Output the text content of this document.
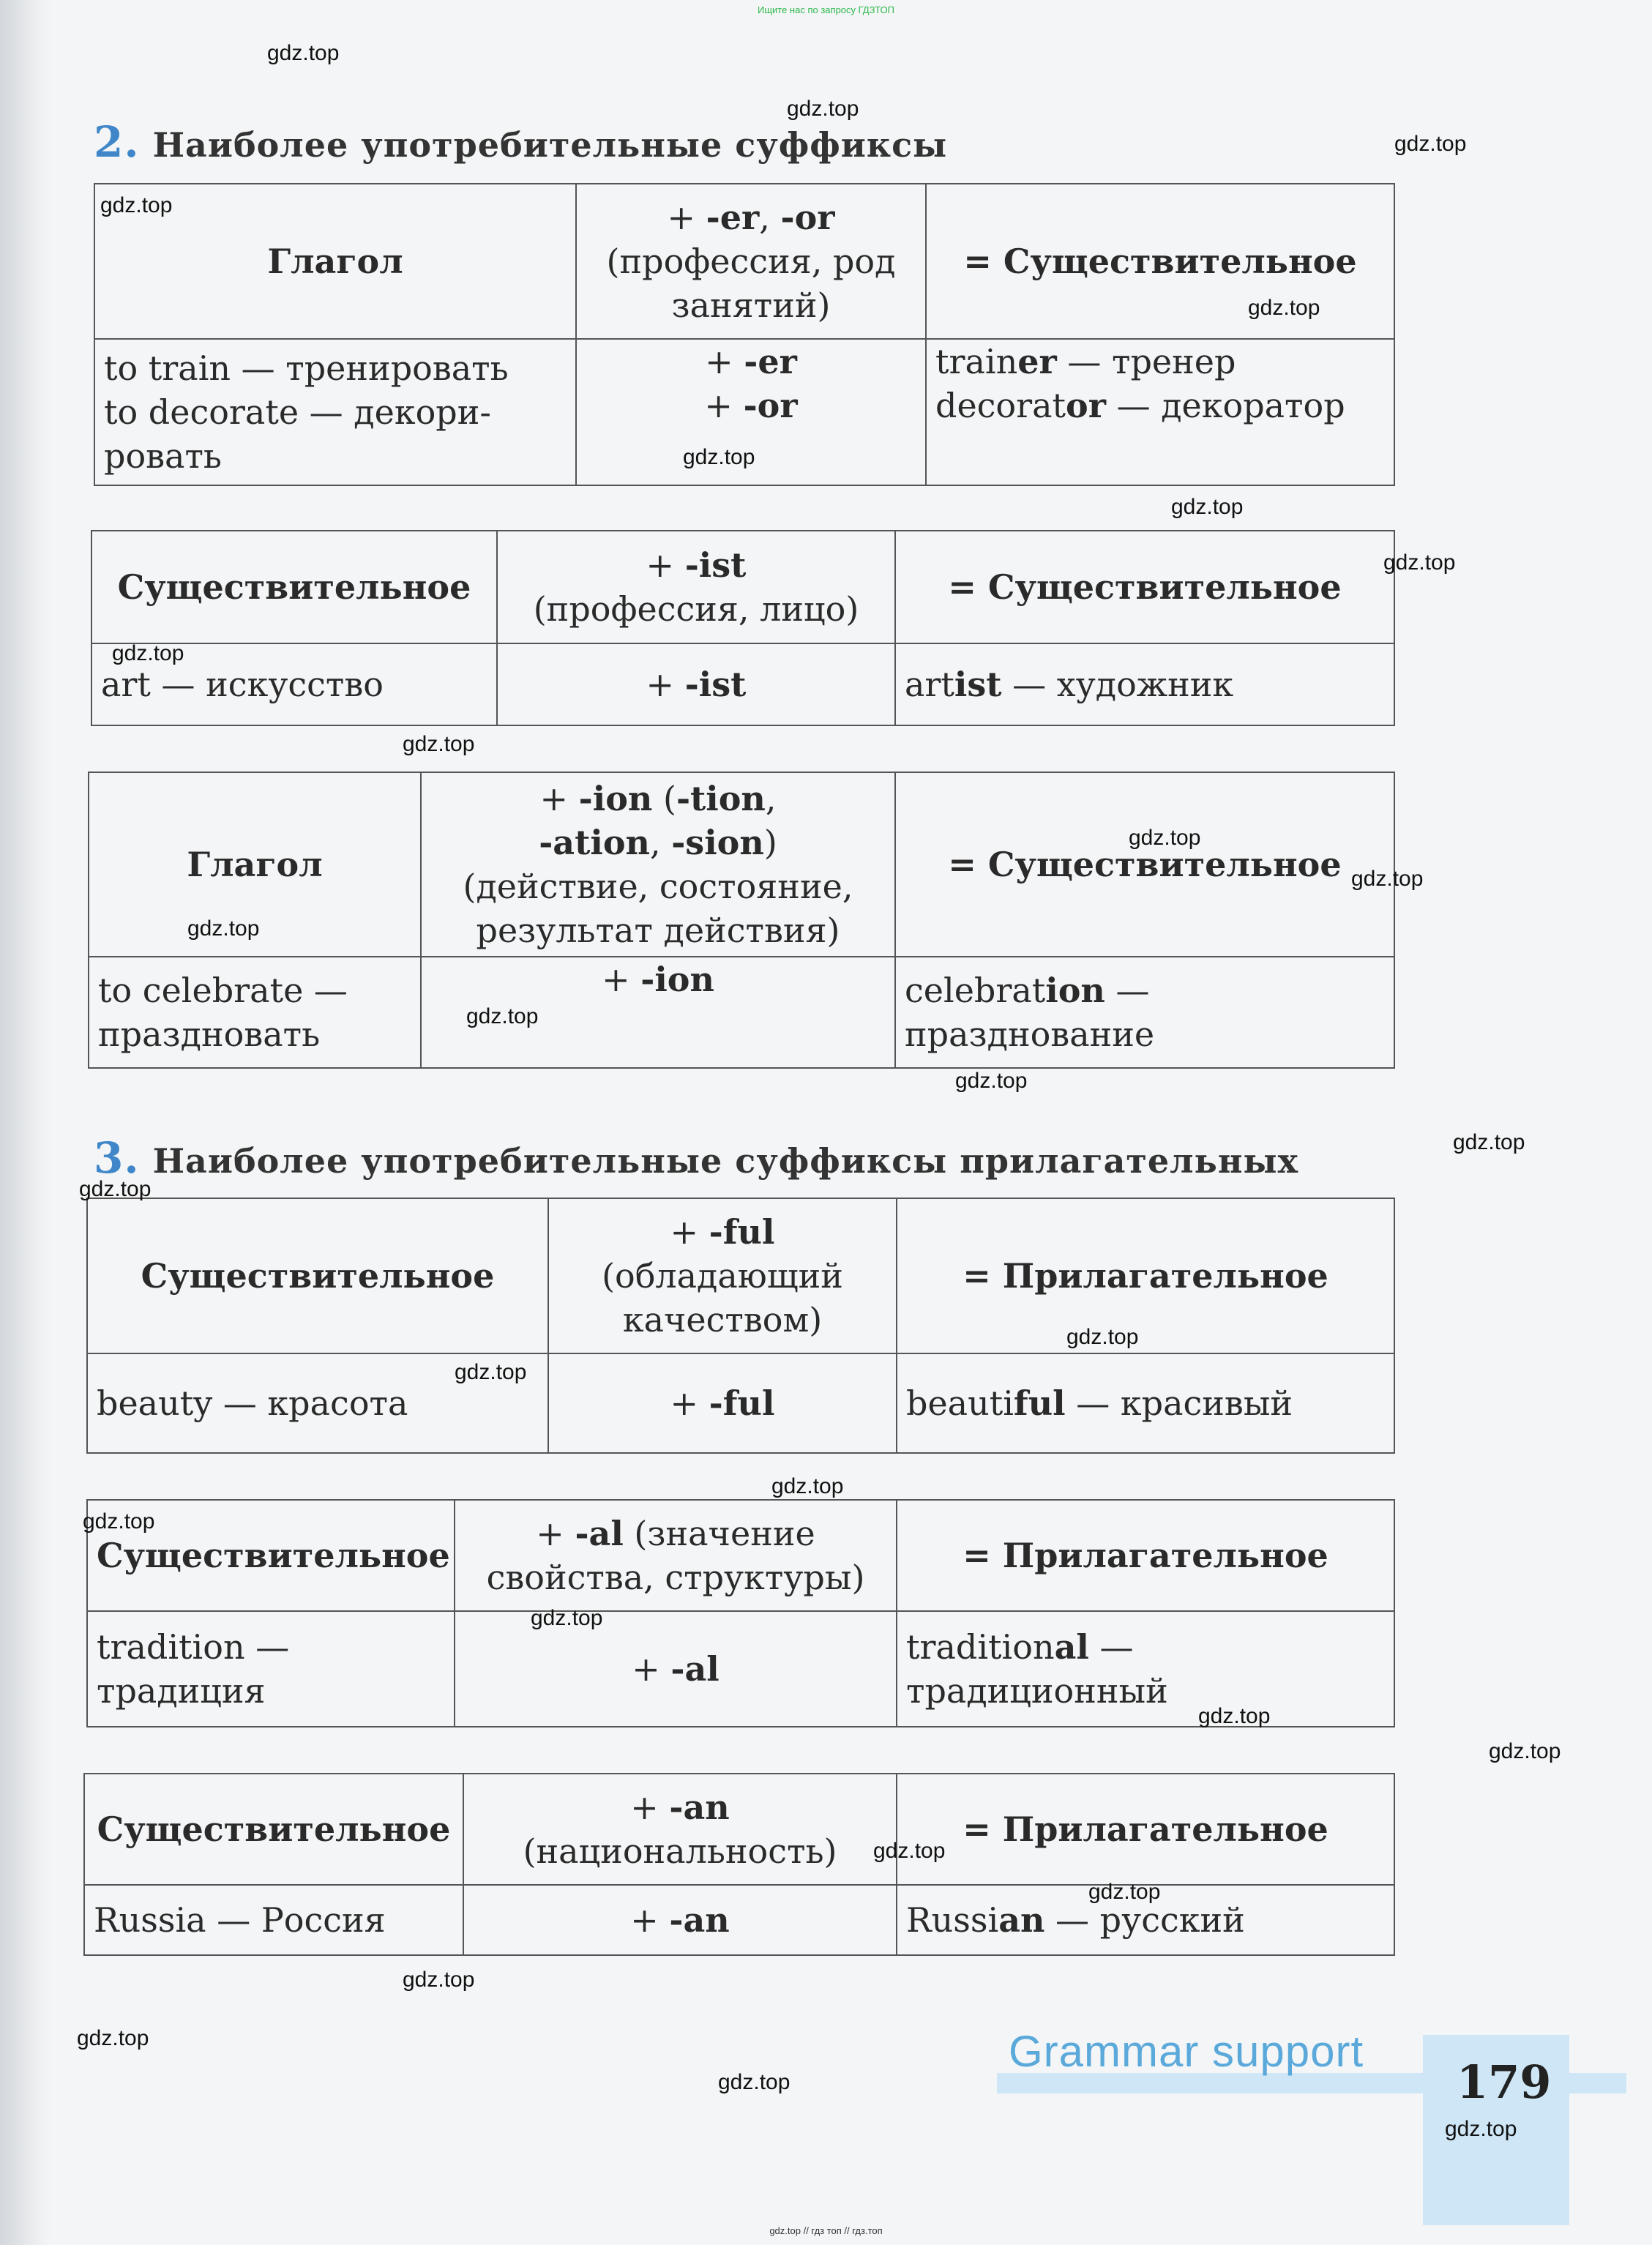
Ищите нас по запросу ГДЗТОП
2. Наиболее употребительные суффиксы
Глагол	+ -er, -or
(профессия, род
занятий)	= Существительное
to train — тренировать
to decorate — декори-
ровать	+ -er
+ -or	trainer — тренер
decorator — декоратор
Существительное	+ -ist
(профессия, лицо)	= Существительное
art — искусство	+ -ist	artist — художник
Глагол	+ -ion (-tion,
-ation, -sion)
(действие, состояние,
результат действия)	= Существительное
to celebrate —
праздновать	+ -ion	celebration —
празднование
3. Наиболее употребительные суффиксы прилагательных
Существительное	+ -ful
(обладающий
качеством)	= Прилагательное
beauty — красота	+ -ful	beautiful — красивый
Существительное	+ -al (значение
свойства, структуры)	= Прилагательное
tradition —
традиция	+ -al	traditional —
традиционный
Существительное	+ -an
(национальность)	= Прилагательное
Russia — Россия	+ -an	Russian — русский
Grammar support
179
gdz.top
gdz.top
gdz.top
gdz.top
gdz.top
gdz.top
gdz.top
gdz.top
gdz.top
gdz.top
gdz.top
gdz.top
gdz.top
gdz.top
gdz.top
gdz.top
gdz.top
gdz.top
gdz.top
gdz.top
gdz.top
gdz.top
gdz.top
gdz.top
gdz.top
gdz.top
gdz.top
gdz.top
gdz.top
gdz.top
gdz.top // гдз топ // гдз.топ
